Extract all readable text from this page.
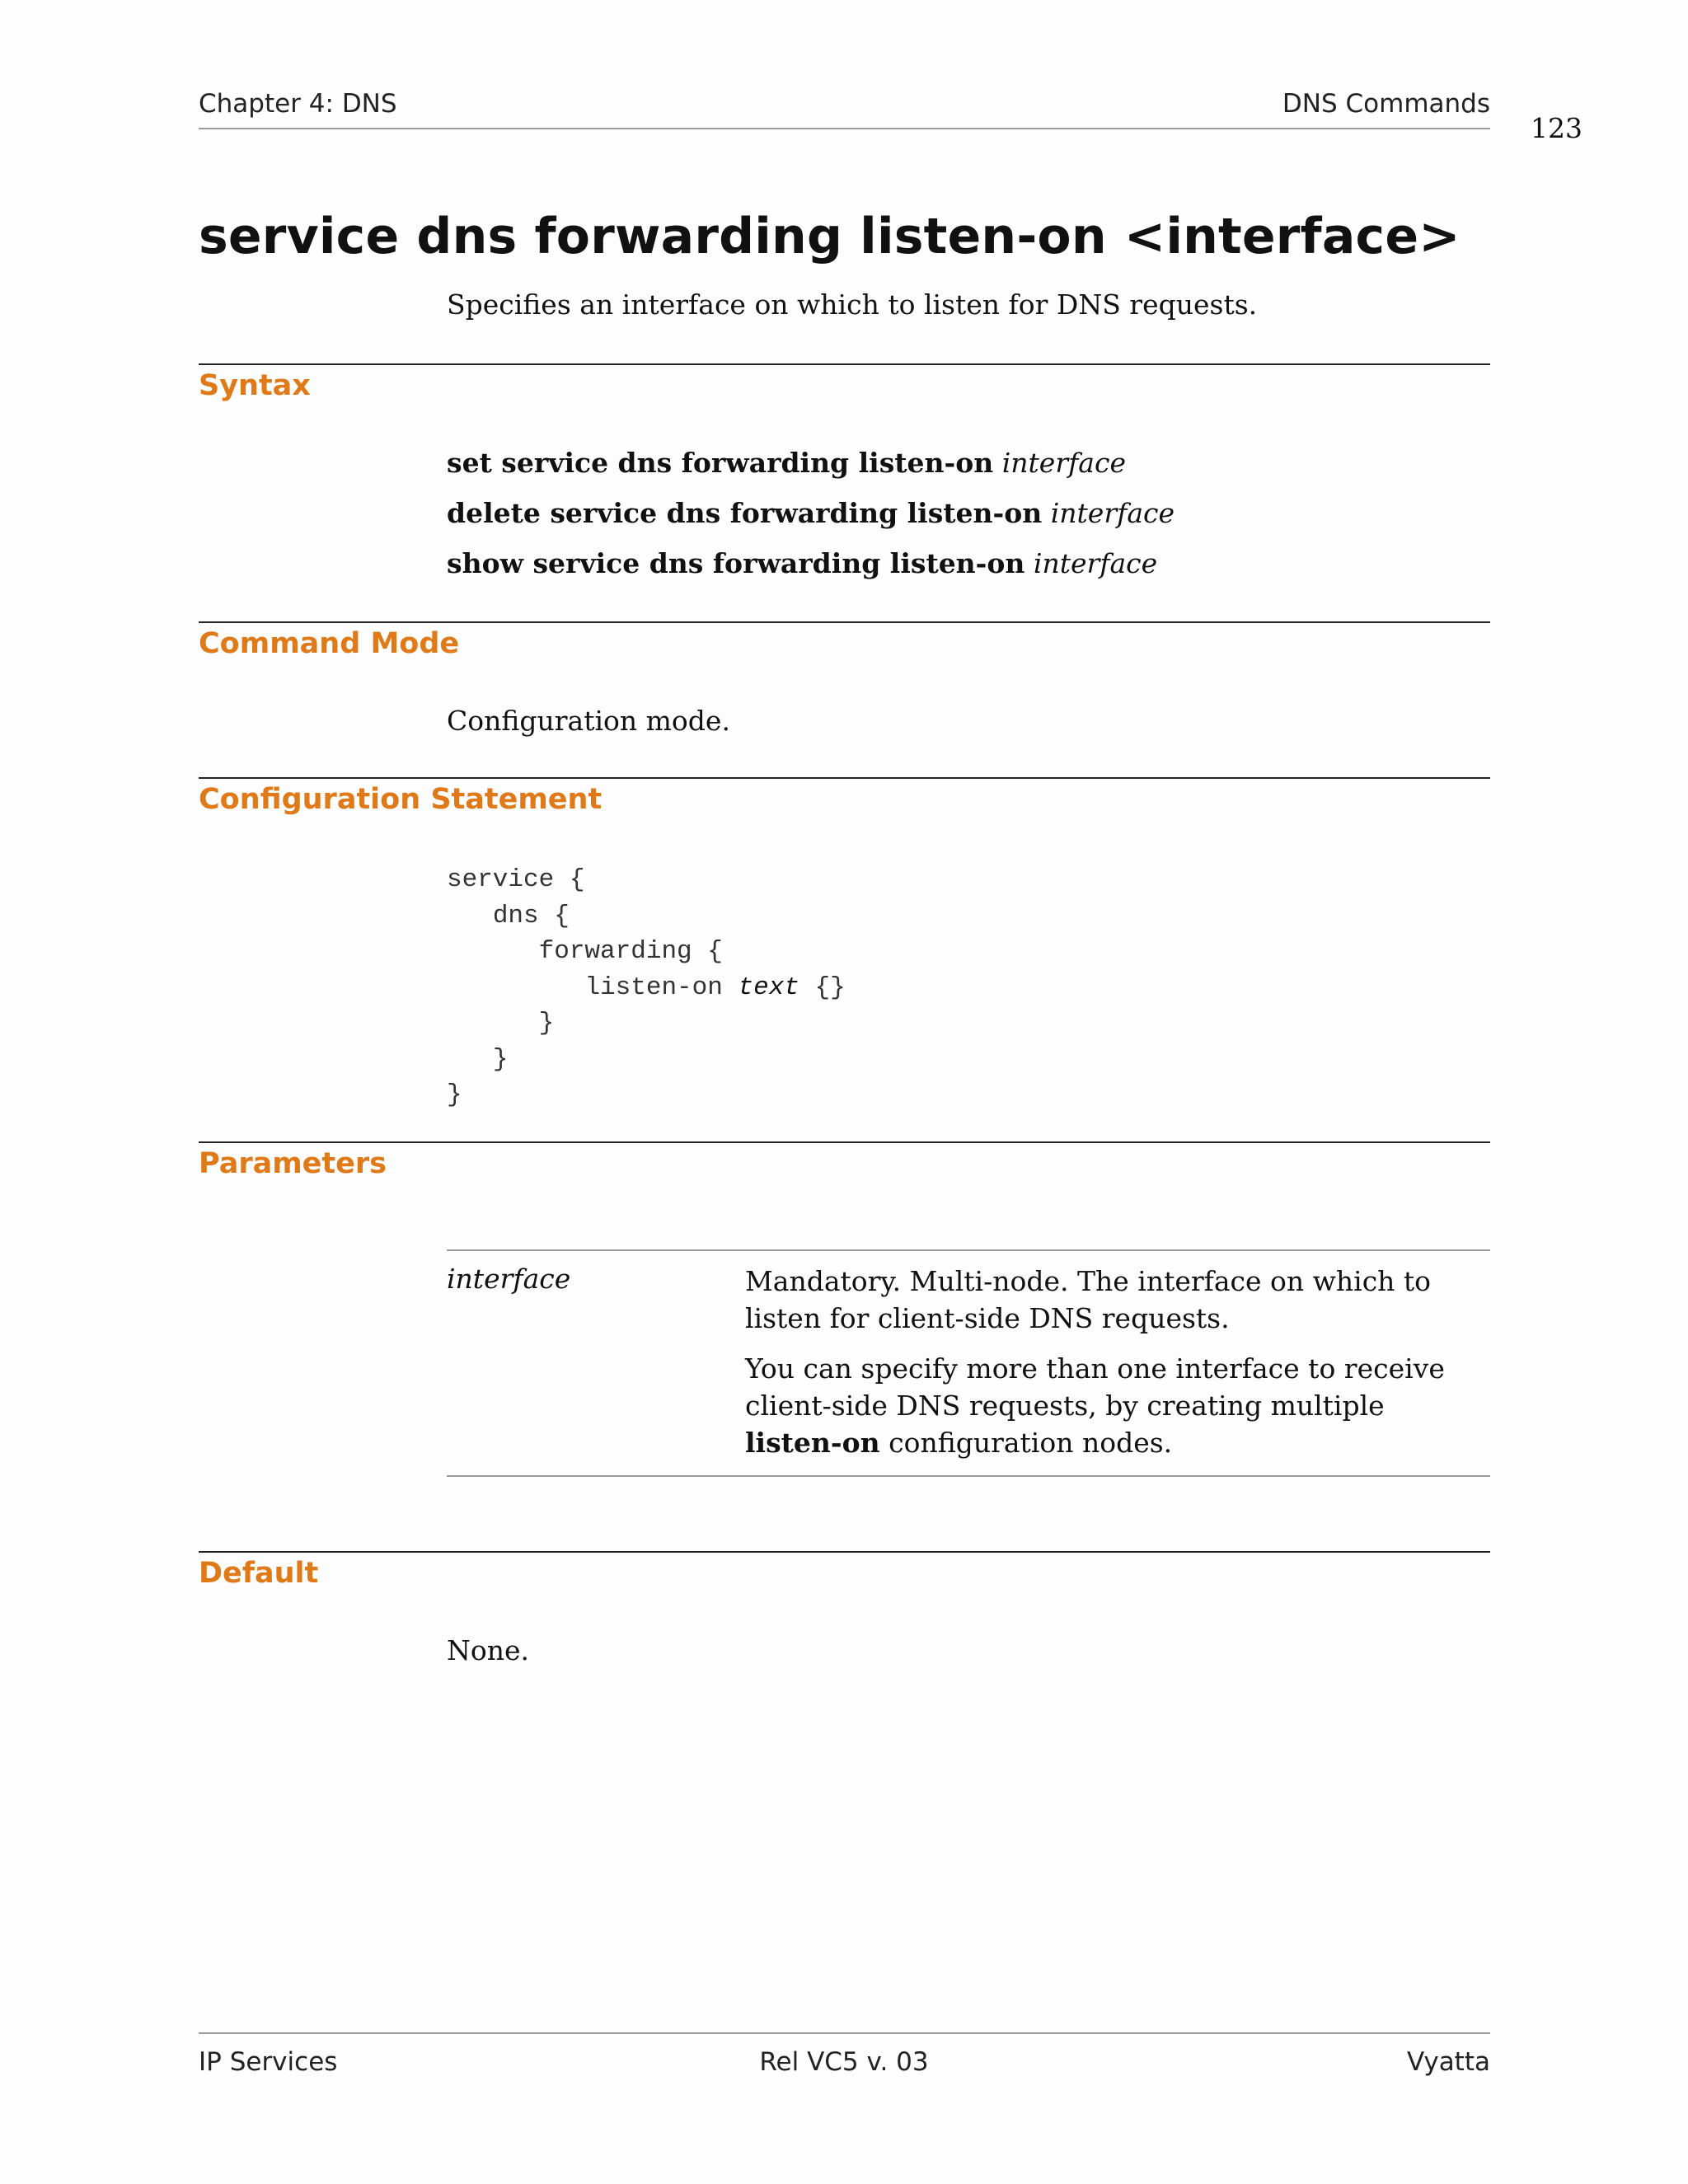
Chapter 4: DNS	DNS Commands
123
service dns forwarding listen-on <interface>
Specifies an interface on which to listen for DNS requests.
Syntax
set service dns forwarding listen-on interface
delete service dns forwarding listen-on interface
show service dns forwarding listen-on interface
Command Mode
Configuration mode.
Configuration Statement
service {
dns {
forwarding {
listen-on text {}
}
}
}
Parameters
interface	Mandatory. Multi-node. The interface on which to listen for client-side DNS requests.

You can specify more than one interface to receive client-side DNS requests, by creating multiple listen-on configuration nodes.

Default
None.
IP Services	Rel VC5 v. 03	Vyatta
